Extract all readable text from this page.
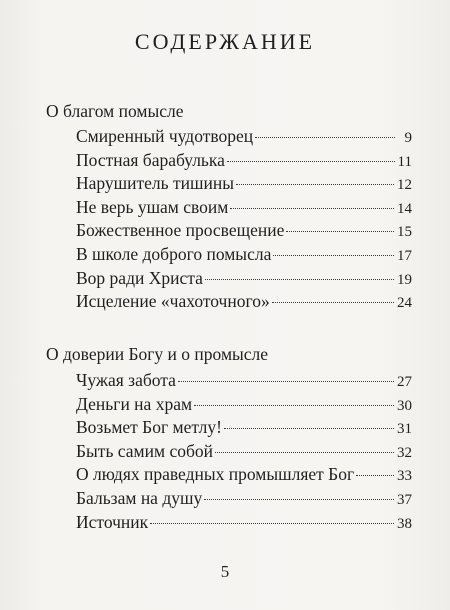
СОДЕРЖАНИЕ
О благом помысле
Смиренный чудотворец	9
Постная барабулька	11
Нарушитель тишины	12
Не верь ушам своим	14
Божественное просвещение	15
В школе доброго помысла	17
Вор ради Христа	19
Исцеление «чахоточного»	24
О доверии Богу и о промысле
Чужая забота	27
Деньги на храм	30
Возьмет Бог метлу!	31
Быть самим собой	32
О людях праведных промышляет Бог	33
Бальзам на душу	37
Источник	38
5
